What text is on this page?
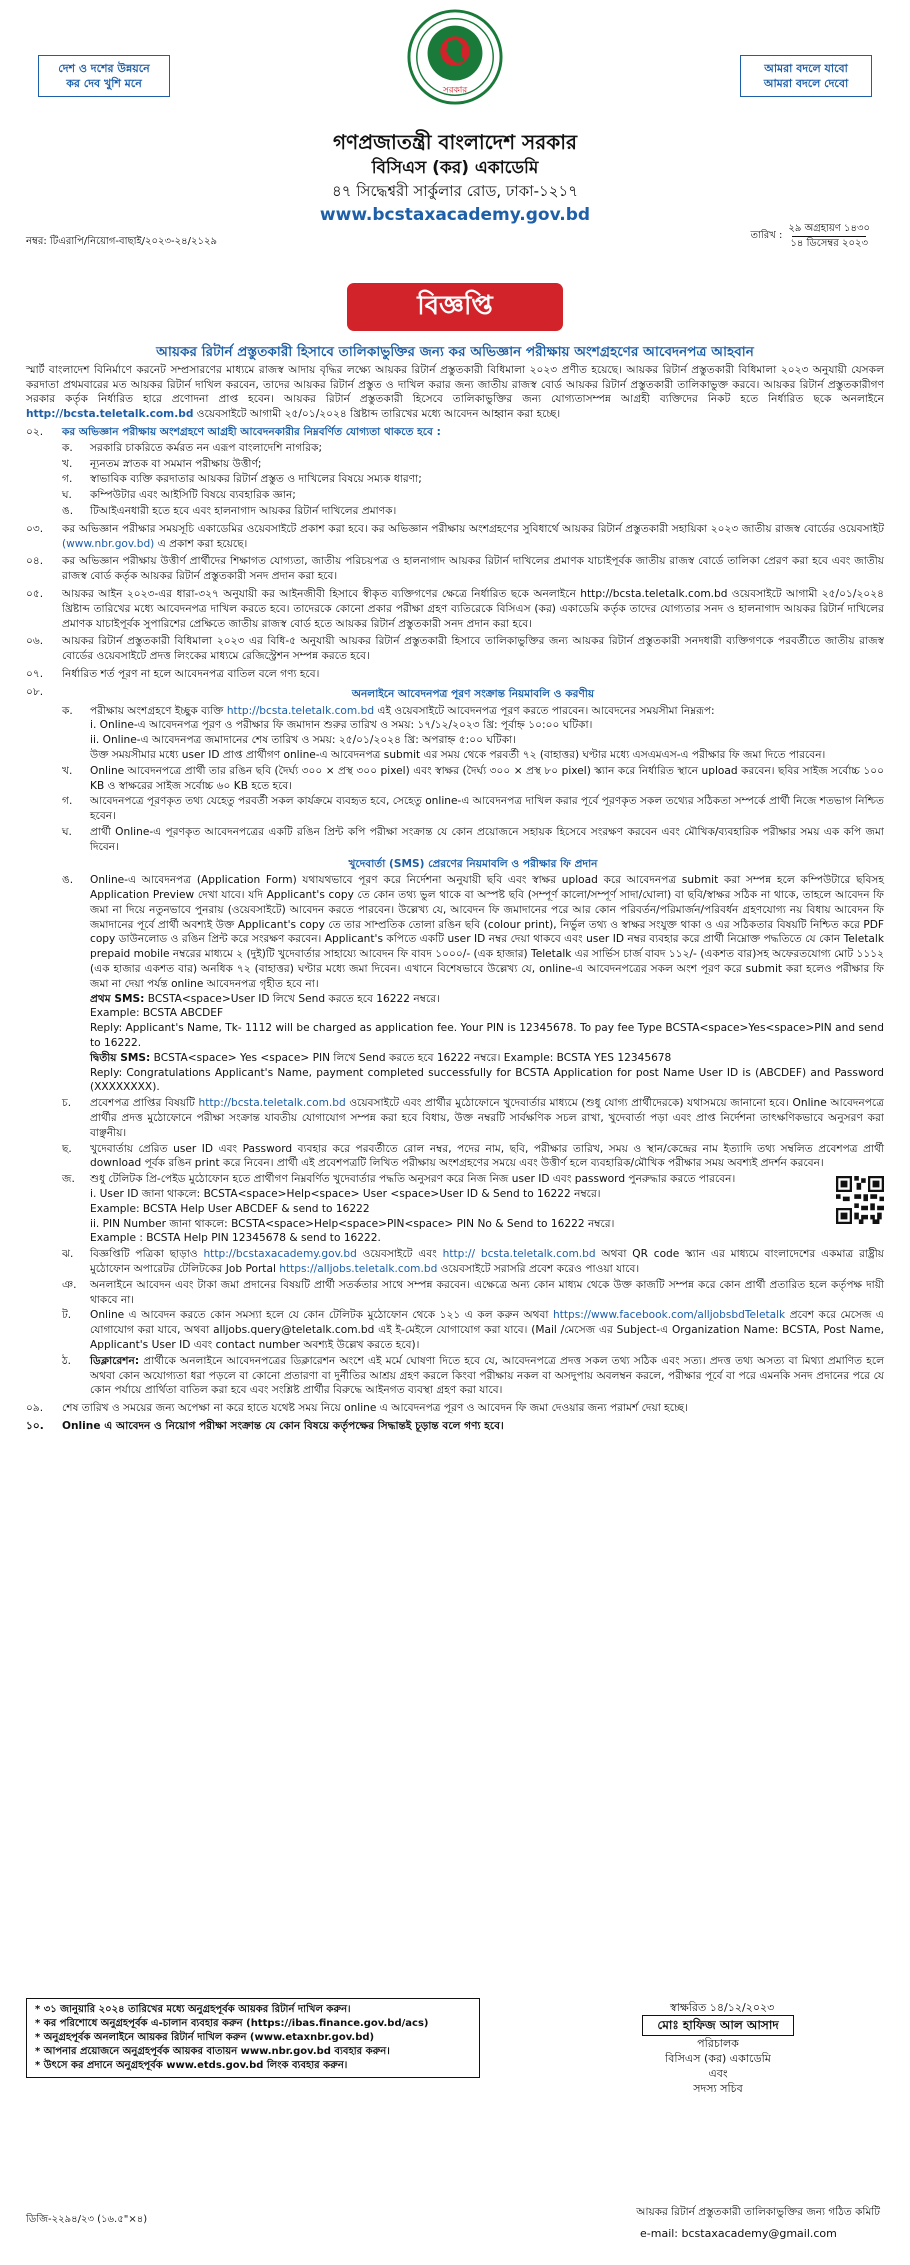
দেশ ও দশের উন্নয়নে
কর দেব খুশি মনে
সরকার
আমরা বদলে যাবো
আমরা বদলে দেবো
গণপ্রজাতন্ত্রী বাংলাদেশ সরকার
বিসিএস (কর) একাডেমি
৪৭ সিদ্ধেশ্বরী সার্কুলার রোড, ঢাকা-১২১৭
www.bcstaxacademy.gov.bd
নম্বর: টিএরাপি/নিয়োগ-বাছাই/২০২৩-২৪/২১২৯
তারিখ :
২৯ অগ্রহায়ণ ১৪৩০
১৪ ডিসেম্বর ২০২৩
বিজ্ঞপ্তি
আয়কর রিটার্ন প্রস্তুতকারী হিসাবে তালিকাভুক্তির জন্য কর অভিজ্ঞান পরীক্ষায় অংশগ্রহণের আবেদনপত্র আহবান
স্মার্ট বাংলাদেশ বিনির্মাণে করনেট সম্প্রসারণের মাধ্যমে রাজস্ব আদায় বৃদ্ধির লক্ষ্যে আয়কর রিটার্ন প্রস্তুতকারী বিধিমালা ২০২৩ প্রণীত হয়েছে। আয়কর রিটার্ন প্রস্তুতকারী বিধিমালা ২০২৩ অনুযায়ী যেসকল করদাতা প্রথমবারের মত আয়কর রিটার্ন দাখিল করবেন, তাদের আয়কর রিটার্ন প্রস্তুত ও দাখিল করার জন্য জাতীয় রাজস্ব বোর্ড আয়কর রিটার্ন প্রস্তুতকারী তালিকাভুক্ত করবে। আয়কর রিটার্ন প্রস্তুতকারীগণ সরকার কর্তৃক নির্ধারিত হারে প্রণোদনা প্রাপ্ত হবেন। আয়কর রিটার্ন প্রস্তুতকারী হিসেবে তালিকাভুক্তির জন্য যোগ্যতাসম্পন্ন আগ্রহী ব্যক্তিদের নিকট হতে নির্ধারিত ছকে অনলাইনে http://bcsta.teletalk.com.bd ওয়েবসাইটে আগামী ২৫/০১/২০২৪ খ্রিষ্টাব্দ তারিখের মধ্যে আবেদন আহ্বান করা হচ্ছে।
০২.	কর অভিজ্ঞান পরীক্ষায় অংশগ্রহণে আগ্রহী আবেদনকারীর নিম্নবর্ণিত যোগ্যতা থাকতে হবে :
ক.	সরকারি চাকরিতে কর্মরত নন এরূপ বাংলাদেশি নাগরিক;
খ.	ন্যূনতম স্নাতক বা সমমান পরীক্ষায় উত্তীর্ণ;
গ.	স্বাভাবিক ব্যক্তি করদাতার আয়কর রিটার্ন প্রস্তুত ও দাখিলের বিষয়ে সম্যক ধারণা;
ঘ.	কম্পিউটার এবং আইসিটি বিষয়ে ব্যবহারিক জ্ঞান;
ঙ.	টিআইএনধারী হতে হবে এবং হালনাগাদ আয়কর রিটার্ন দাখিলের প্রমাণক।
০৩.	কর অভিজ্ঞান পরীক্ষার সময়সূচি একাডেমির ওয়েবসাইটে প্রকাশ করা হবে। কর অভিজ্ঞান পরীক্ষায় অংশগ্রহণের সুবিধার্থে আয়কর রিটার্ন প্রস্তুতকারী সহায়িকা ২০২৩ জাতীয় রাজস্ব বোর্ডের ওয়েবসাইট (www.nbr.gov.bd) এ প্রকাশ করা হয়েছে।
০৪.	কর অভিজ্ঞান পরীক্ষায় উত্তীর্ণ প্রার্থীদের শিক্ষাগত যোগ্যতা, জাতীয় পরিচয়পত্র ও হালনাগাদ আয়কর রিটার্ন দাখিলের প্রমাণক যাচাইপূর্বক জাতীয় রাজস্ব বোর্ডে তালিকা প্রেরণ করা হবে এবং জাতীয় রাজস্ব বোর্ড কর্তৃক আয়কর রিটার্ন প্রস্তুতকারী সনদ প্রদান করা হবে।
০৫.	আয়কর আইন ২০২৩-এর ধারা-৩২৭ অনুযায়ী কর আইনজীবী হিসাবে স্বীকৃত ব্যক্তিগণের ক্ষেত্রে নির্ধারিত ছকে অনলাইনে http://bcsta.teletalk.com.bd ওয়েবসাইটে আগামী ২৫/০১/২০২৪ খ্রিষ্টাব্দ তারিখের মধ্যে আবেদনপত্র দাখিল করতে হবে। তাদেরকে কোনো প্রকার পরীক্ষা গ্রহণ ব্যতিরেকে বিসিএস (কর) একাডেমি কর্তৃক তাদের যোগ্যতার সনদ ও হালনাগাদ আয়কর রিটার্ন দাখিলের প্রমাণক যাচাইপূর্বক সুপারিশের প্রেক্ষিতে জাতীয় রাজস্ব বোর্ড হতে আয়কর রিটার্ন প্রস্তুতকারী সনদ প্রদান করা হবে।
০৬.	আয়কর রিটার্ন প্রস্তুতকারী বিধিমালা ২০২৩ এর বিধি-৫ অনুযায়ী আয়কর রিটার্ন প্রস্তুতকারী হিসাবে তালিকাভুক্তির জন্য আয়কর রিটার্ন প্রস্তুতকারী সনদধারী ব্যক্তিগণকে পরবর্তীতে জাতীয় রাজস্ব বোর্ডের ওয়েবসাইটে প্রদত্ত লিংকের মাধ্যমে রেজিস্ট্রেশন সম্পন্ন করতে হবে।
০৭.	নির্ধারিত শর্ত পূরণ না হলে আবেদনপত্র বাতিল বলে গণ্য হবে।
০৮.	অনলাইনে আবেদনপত্র পূরণ সংক্রান্ত নিয়মাবলি ও করণীয়
ক.	পরীক্ষায় অংশগ্রহণে ইচ্ছুক ব্যক্তি http://bcsta.teletalk.com.bd এই ওয়েবসাইটে আবেদনপত্র পূরণ করতে পারবেন। আবেদনের সময়সীমা নিম্নরূপ:
i. Online-এ আবেদনপত্র পূরণ ও পরীক্ষার ফি জমাদান শুরুর তারিখ ও সময়: ১৭/১২/২০২৩ খ্রি: পূর্বাহ্ন ১০:০০ ঘটিকা।
ii. Online-এ আবেদনপত্র জমাদানের শেষ তারিখ ও সময়: ২৫/০১/২০২৪ খ্রি: অপরাহ্ন ৫:০০ ঘটিকা।
উক্ত সময়সীমার মধ্যে user ID প্রাপ্ত প্রার্থীগণ online-এ আবেদনপত্র submit এর সময় থেকে পরবর্তী ৭২ (বাহাত্তর) ঘণ্টার মধ্যে এসএমএস-এ পরীক্ষার ফি জমা দিতে পারবেন।
খ.	Online আবেদনপত্রে প্রার্থী তার রঙিন ছবি (দৈর্ঘ্য ৩০০ × প্রস্থ ৩০০ pixel) এবং স্বাক্ষর (দৈর্ঘ্য ৩০০ × প্রস্থ ৮০ pixel) স্ক্যান করে নির্ধারিত স্থানে upload করবেন। ছবির সাইজ সর্বোচ্চ ১০০ KB ও স্বাক্ষরের সাইজ সর্বোচ্চ ৬০ KB হতে হবে।
গ.	আবেদনপত্রে পূরণকৃত তথ্য যেহেতু পরবর্তী সকল কার্যক্রমে ব্যবহৃত হবে, সেহেতু online-এ আবেদনপত্র দাখিল করার পূর্বে পূরণকৃত সকল তথ্যের সঠিকতা সম্পর্কে প্রার্থী নিজে শতভাগ নিশ্চিত হবেন।
ঘ.	প্রার্থী Online-এ পূরণকৃত আবেদনপত্রের একটি রঙিন প্রিন্ট কপি পরীক্ষা সংক্রান্ত যে কোন প্রয়োজনে সহায়ক হিসেবে সংরক্ষণ করবেন এবং মৌখিক/ব্যবহারিক পরীক্ষার সময় এক কপি জমা দিবেন।
খুদেবার্তা (SMS) প্রেরণের নিয়মাবলি ও পরীক্ষার ফি প্রদান
ঙ.	Online-এ আবেদনপত্র (Application Form) যথাযথভাবে পূরণ করে নির্দেশনা অনুযায়ী ছবি এবং স্বাক্ষর upload করে আবেদনপত্র submit করা সম্পন্ন হলে কম্পিউটারে ছবিসহ Application Preview দেখা যাবে। যদি Applicant's copy তে কোন তথ্য ভুল থাকে বা অস্পষ্ট ছবি (সম্পূর্ণ কালো/সম্পূর্ণ সাদা/ঘোলা) বা ছবি/স্বাক্ষর সঠিক না থাকে, তাহলে আবেদন ফি জমা না দিয়ে নতুনভাবে পুনরায় (ওয়েবসাইটে) আবেদন করতে পারবেন। উল্লেখ্য যে, আবেদন ফি জমাদানের পরে আর কোন পরিবর্তন/পরিমার্জন/পরিবর্ধন গ্রহণযোগ্য নয় বিধায় আবেদন ফি জমাদানের পূর্বে প্রার্থী অবশ্যই উক্ত Applicant's copy তে তার সাম্প্রতিক তোলা রঙিন ছবি (colour print), নির্ভুল তথ্য ও স্বাক্ষর সংযুক্ত থাকা ও এর সঠিকতার বিষয়টি নিশ্চিত করে PDF copy ডাউনলোড ও রঙিন প্রিন্ট করে সংরক্ষণ করবেন। Applicant's কপিতে একটি user ID নম্বর দেয়া থাকবে এবং user ID নম্বর ব্যবহার করে প্রার্থী নিম্নোক্ত পদ্ধতিতে যে কোন Teletalk prepaid mobile নম্বরের মাধ্যমে ২ (দুই)টি খুদেবার্তার সাহায্যে আবেদন ফি বাবদ ১০০০/- (এক হাজার) Teletalk এর সার্ভিস চার্জ বাবদ ১১২/- (একশত বার)সহ অফেরতযোগ্য মোট ১১১২ (এক হাজার একশত বার) অনধিক ৭২ (বাহাত্তর) ঘণ্টার মধ্যে জমা দিবেন। এখানে বিশেষভাবে উল্লেখ্য যে, online-এ আবেদনপত্রের সকল অংশ পূরণ করে submit করা হলেও পরীক্ষার ফি জমা না দেয়া পর্যন্ত online আবেদনপত্র গৃহীত হবে না।
প্রথম SMS: BCSTA<space>User ID লিখে Send করতে হবে 16222 নম্বরে।
Example: BCSTA ABCDEF
Reply: Applicant's Name, Tk- 1112 will be charged as application fee. Your PIN is 12345678. To pay fee Type BCSTA<space>Yes<space>PIN and send to 16222.
দ্বিতীয় SMS: BCSTA<space> Yes <space> PIN লিখে Send করতে হবে 16222 নম্বরে। Example: BCSTA YES 12345678
Reply: Congratulations Applicant's Name, payment completed successfully for BCSTA Application for post Name User ID is (ABCDEF) and Password (XXXXXXXX).
চ.	প্রবেশপত্র প্রাপ্তির বিষয়টি http://bcsta.teletalk.com.bd ওয়েবসাইটে এবং প্রার্থীর মুঠোফোনে খুদেবার্তার মাধ্যমে (শুধু যোগ্য প্রার্থীদেরকে) যথাসময়ে জানানো হবে। Online আবেদনপত্রে প্রার্থীর প্রদত্ত মুঠোফোনে পরীক্ষা সংক্রান্ত যাবতীয় যোগাযোগ সম্পন্ন করা হবে বিধায়, উক্ত নম্বরটি সার্বক্ষণিক সচল রাখা, খুদেবার্তা পড়া এবং প্রাপ্ত নির্দেশনা তাৎক্ষণিকভাবে অনুসরণ করা বাঞ্ছনীয়।
ছ.	খুদেবার্তায় প্রেরিত user ID এবং Password ব্যবহার করে পরবর্তীতে রোল নম্বর, পদের নাম, ছবি, পরীক্ষার তারিখ, সময় ও স্থান/কেন্দ্রের নাম ইত্যাদি তথ্য সম্বলিত প্রবেশপত্র প্রার্থী download পূর্বক রঙিন print করে নিবেন। প্রার্থী এই প্রবেশপত্রটি লিখিত পরীক্ষায় অংশগ্রহণের সময়ে এবং উত্তীর্ণ হলে ব্যবহারিক/মৌখিক পরীক্ষার সময় অবশ্যই প্রদর্শন করবেন।
জ.	শুধু টেলিটক প্রি-পেইড মুঠোফোন হতে প্রার্থীগণ নিম্নবর্ণিত খুদেবার্তার পদ্ধতি অনুসরণ করে নিজ নিজ user ID এবং password পুনরুদ্ধার করতে পারবেন।
i. User ID জানা থাকলে: BCSTA<space>Help<space> User <space>User ID & Send to 16222 নম্বরে।
Example: BCSTA Help User ABCDEF & send to 16222
ii. PIN Number জানা থাকলে: BCSTA<space>Help<space>PIN<space> PIN No & Send to 16222 নম্বরে।
Example : BCSTA Help PIN 12345678 & send to 16222.
ঝ.	বিজ্ঞপ্তিটি পত্রিকা ছাড়াও http://bcstaxacademy.gov.bd ওয়েবসাইটে এবং http:// bcsta.teletalk.com.bd অথবা QR code স্ক্যান এর মাধ্যমে বাংলাদেশের একমাত্র রাষ্ট্রীয় মুঠোফোন অপারেটর টেলিটকের Job Portal https://alljobs.teletalk.com.bd ওয়েবসাইটে সরাসরি প্রবেশ করেও পাওয়া যাবে।
ঞ.	অনলাইনে আবেদন এবং টাকা জমা প্রদানের বিষয়টি প্রার্থী সতর্কতার সাথে সম্পন্ন করবেন। এক্ষেত্রে অন্য কোন মাধ্যম থেকে উক্ত কাজটি সম্পন্ন করে কোন প্রার্থী প্রতারিত হলে কর্তৃপক্ষ দায়ী থাকবে না।
ট.	Online এ আবেদন করতে কোন সমস্যা হলে যে কোন টেলিটক মুঠোফোন থেকে ১২১ এ কল করুন অথবা https://www.facebook.com/alljobsbdTeletalk প্রবেশ করে মেসেজ এ যোগাযোগ করা যাবে, অথবা alljobs.query@teletalk.com.bd এই ই-মেইলে যোগাযোগ করা যাবে। (Mail /মেসেজ এর Subject-এ Organization Name: BCSTA, Post Name, Applicant's User ID এবং contact number অবশ্যই উল্লেখ করতে হবে)।
ঠ.	ডিক্লারেশন: প্রার্থীকে অনলাইনে আবেদনপত্রের ডিক্লারেশন অংশে এই মর্মে ঘোষণা দিতে হবে যে, আবেদনপত্রে প্রদত্ত সকল তথ্য সঠিক এবং সত্য। প্রদত্ত তথ্য অসত্য বা মিথ্যা প্রমাণিত হলে অথবা কোন অযোগ্যতা ধরা পড়লে বা কোনো প্রতারণা বা দুর্নীতির আশ্রয় গ্রহণ করলে কিংবা পরীক্ষায় নকল বা অসদুপায় অবলম্বন করলে, পরীক্ষার পূর্বে বা পরে এমনকি সনদ প্রদানের পরে যে কোন পর্যায়ে প্রার্থিতা বাতিল করা হবে এবং সংশ্লিষ্ট প্রার্থীর বিরুদ্ধে আইনগত ব্যবস্থা গ্রহণ করা যাবে।
০৯.	শেষ তারিখ ও সময়ের জন্য অপেক্ষা না করে হাতে যথেষ্ট সময় নিয়ে online এ আবেদনপত্র পূরণ ও আবেদন ফি জমা দেওয়ার জন্য পরামর্শ দেয়া হচ্ছে।
১০.	Online এ আবেদন ও নিয়োগ পরীক্ষা সংক্রান্ত যে কোন বিষয়ে কর্তৃপক্ষের সিদ্ধান্তই চূড়ান্ত বলে গণ্য হবে।
* ৩১ জানুয়ারি ২০২৪ তারিখের মধ্যে অনুগ্রহপূর্বক আয়কর রিটার্ন দাখিল করুন।
* কর পরিশোধে অনুগ্রহপূর্বক এ-চালান ব্যবহার করুন (https://ibas.finance.gov.bd/acs)
* অনুগ্রহপূর্বক অনলাইনে আয়কর রিটার্ন দাখিল করুন (www.etaxnbr.gov.bd)
* আপনার প্রয়োজনে অনুগ্রহপূর্বক আয়কর বাতায়ন www.nbr.gov.bd ব্যবহার করুন।
* উৎসে কর প্রদানে অনুগ্রহপূর্বক www.etds.gov.bd লিংক ব্যবহার করুন।
স্বাক্ষরিত ১৪/১২/২০২৩
মোঃ হাফিজ আল আসাদ
পরিচালক
বিসিএস (কর) একাডেমি
এবং
সদস্য সচিব
ডিজি-২২৯৪/২৩ (১৬.৫"×৪)
আয়কর রিটার্ন প্রস্তুতকারী তালিকাভুক্তির জন্য গঠিত কমিটি
e-mail: bcstaxacademy@gmail.com
